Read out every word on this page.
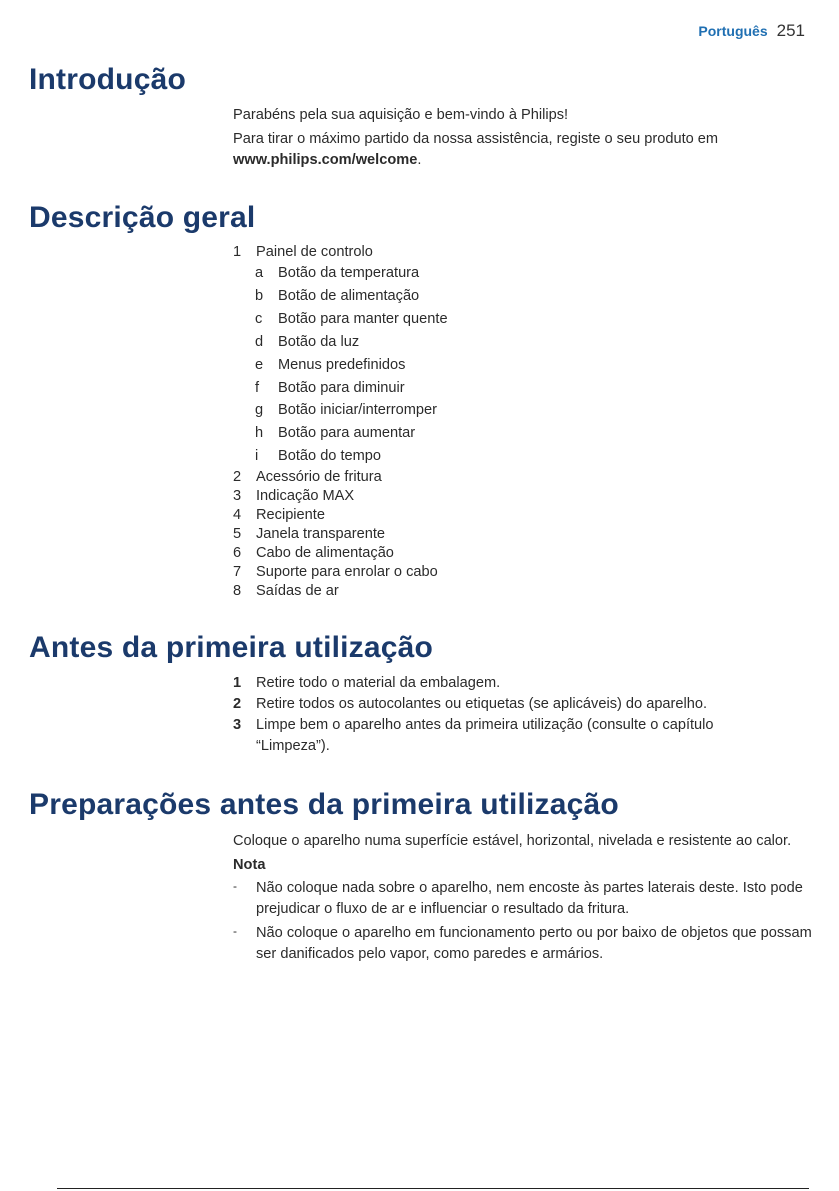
Português 251
Introdução

Parabéns pela sua aquisição e bem-vindo à Philips!

Para tirar o máximo partido da nossa assistência, registe o seu produto em
www.philips.com/welcome.

Descrição geral
1	Painel de controlo
a	Botão da temperatura
b	Botão de alimentação
c	Botão para manter quente
d	Botão da luz
e	Menus predefinidos
f	Botão para diminuir
g	Botão iniciar/interromper
h	Botão para aumentar
i	Botão do tempo
2	Acessório de fritura
3	Indicação MAX
4	Recipiente
5	Janela transparente
6	Cabo de alimentação
7	Suporte para enrolar o cabo
8	Saídas de ar
Antes da primeira utilização
1	Retire todo o material da embalagem.
2	Retire todos os autocolantes ou etiquetas (se aplicáveis) do aparelho.
3	Limpe bem o aparelho antes da primeira utilização (consulte o capítulo “Limpeza”).
Preparações antes da primeira utilização

Coloque o aparelho numa superfície estável, horizontal, nivelada e resistente ao calor.

Nota
-	Não coloque nada sobre o aparelho, nem encoste às partes laterais deste. Isto pode prejudicar o fluxo de ar e influenciar o resultado da fritura.
-	Não coloque o aparelho em funcionamento perto ou por baixo de objetos que possam ser danificados pelo vapor, como paredes e armários.
